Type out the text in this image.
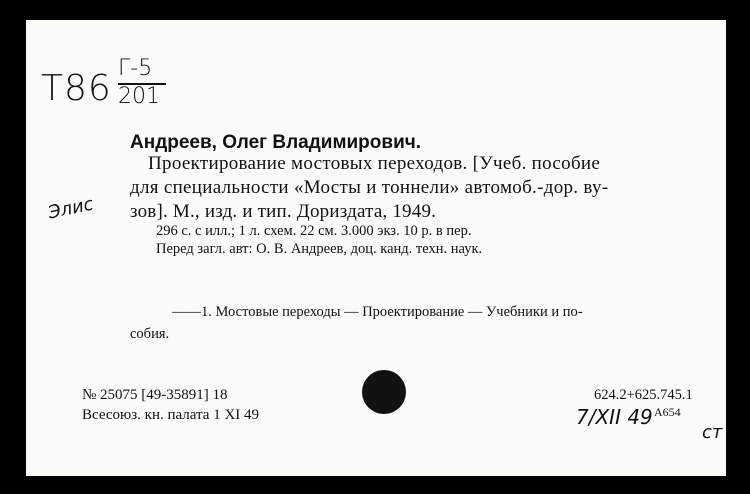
Т86 Г-5
201
Андреев, Олег Владимирович.
Проектирование мостовых переходов. [Учеб. пособие
для специальности «Мосты и тоннели» автомоб.-дор. ву-
зов]. М., изд. и тип. Дориздата, 1949.
296 с. с илл.; 1 л. схем. 22 см. 3.000 экз. 10 р. в пер.
Перед загл. авт: О. В. Андреев, доц. канд. техн. наук.
——1. Мостовые переходы — Проектирование — Учебники и по-
собия.
№ 25075 [49-35891] 18
Всесоюз. кн. палата 1 XI 49
624.2+625.745.1
7/XII 49 А654
Элис
ст
